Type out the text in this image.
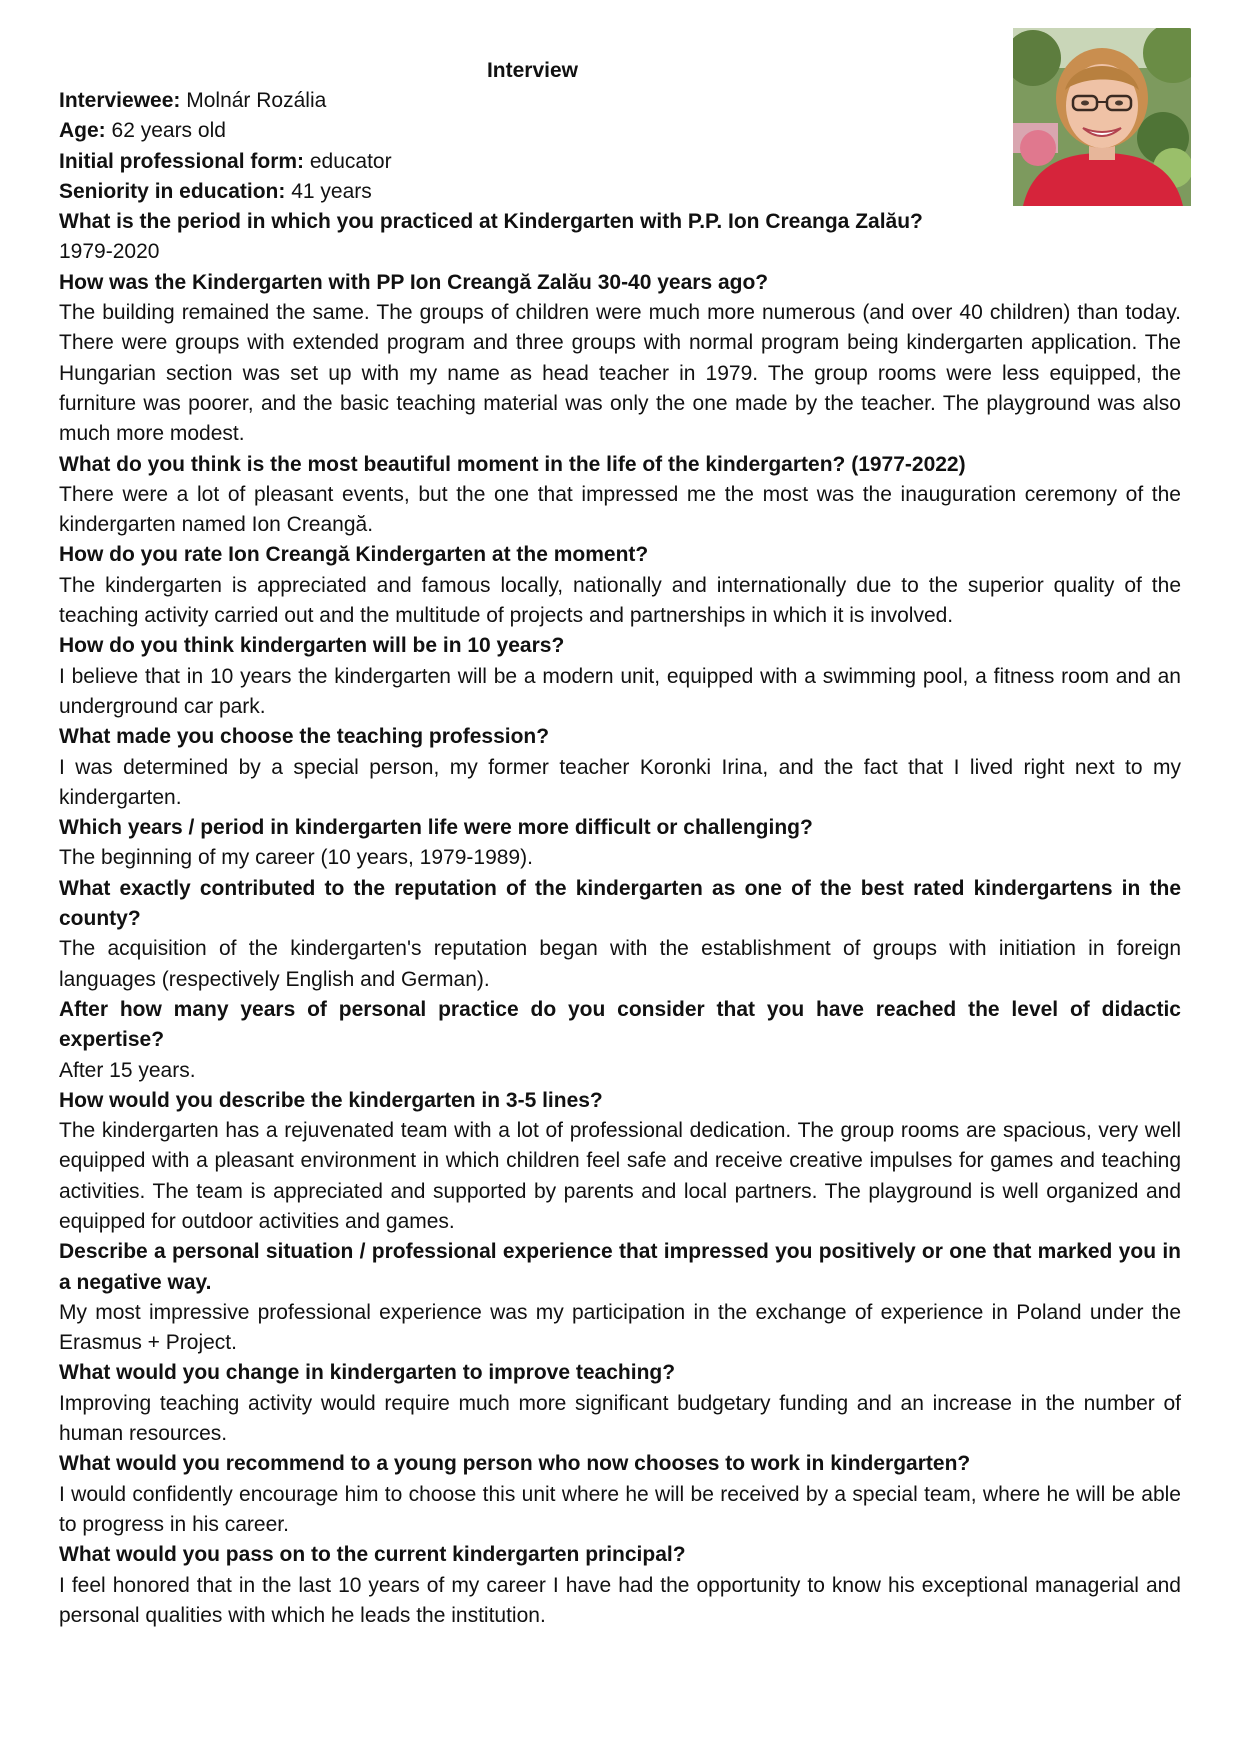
Interview

Interviewee: Molnár Rozália

Age: 62 years old

Initial professional form: educator

Seniority in education: 41 years

What is the period in which you practiced at Kindergarten with P.P. Ion Creanga Zalău?

1979-2020

How was the Kindergarten with PP Ion Creangă Zalău 30-40 years ago?

The building remained the same. The groups of children were much more numerous (and over 40 children) than today. There were groups with extended program and three groups with normal program being kindergarten application. The Hungarian section was set up with my name as head teacher in 1979. The group rooms were less equipped, the furniture was poorer, and the basic teaching material was only the one made by the teacher. The playground was also much more modest.

What do you think is the most beautiful moment in the life of the kindergarten? (1977-2022)

There were a lot of pleasant events, but the one that impressed me the most was the inauguration ceremony of the kindergarten named Ion Creangă.

How do you rate Ion Creangă Kindergarten at the moment?

The kindergarten is appreciated and famous locally, nationally and internationally due to the superior quality of the teaching activity carried out and the multitude of projects and partnerships in which it is involved.

How do you think kindergarten will be in 10 years?

I believe that in 10 years the kindergarten will be a modern unit, equipped with a swimming pool, a fitness room and an underground car park.

What made you choose the teaching profession?

I was determined by a special person, my former teacher Koronki Irina, and the fact that I lived right next to my kindergarten.

Which years / period in kindergarten life were more difficult or challenging?

The beginning of my career (10 years, 1979-1989).

What exactly contributed to the reputation of the kindergarten as one of the best rated kindergartens in the county?

The acquisition of the kindergarten's reputation began with the establishment of groups with initiation in foreign languages (respectively English and German).

After how many years of personal practice do you consider that you have reached the level of didactic expertise?

After 15 years.

How would you describe the kindergarten in 3-5 lines?

The kindergarten has a rejuvenated team with a lot of professional dedication. The group rooms are spacious, very well equipped with a pleasant environment in which children feel safe and receive creative impulses for games and teaching activities. The team is appreciated and supported by parents and local partners. The playground is well organized and equipped for outdoor activities and games.

Describe a personal situation / professional experience that impressed you positively or one that marked you in a negative way.

My most impressive professional experience was my participation in the exchange of experience in Poland under the Erasmus + Project.

What would you change in kindergarten to improve teaching?

Improving teaching activity would require much more significant budgetary funding and an increase in the number of human resources.

What would you recommend to a young person who now chooses to work in kindergarten?

I would confidently encourage him to choose this unit where he will be received by a special team, where he will be able to progress in his career.

What would you pass on to the current kindergarten principal?

I feel honored that in the last 10 years of my career I have had the opportunity to know his exceptional managerial and personal qualities with which he leads the institution.
